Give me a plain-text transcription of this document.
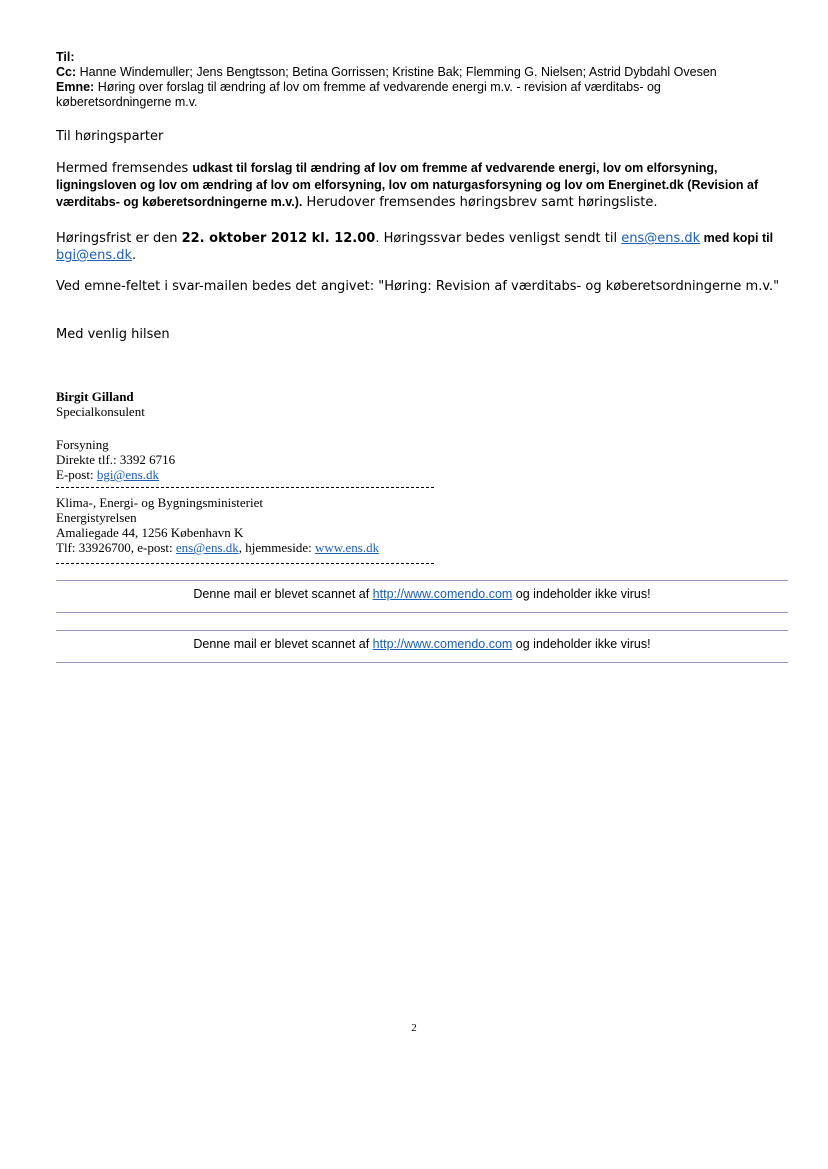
Til:
Cc: Hanne Windemuller; Jens Bengtsson; Betina Gorrissen; Kristine Bak; Flemming G. Nielsen; Astrid Dybdahl Ovesen
Emne: Høring over forslag til ændring af lov om fremme af vedvarende energi m.v. - revision af værditabs- og
køberetsordningerne m.v.
Til høringsparter
Hermed fremsendes udkast til forslag til ændring af lov om fremme af vedvarende energi, lov om elforsyning, ligningsloven og lov om ændring af lov om elforsyning, lov om naturgasforsyning og lov om Energinet.dk (Revision af værditabs- og køberetsordningerne m.v.). Herudover fremsendes høringsbrev samt høringsliste.
Høringsfrist er den 22. oktober 2012 kl. 12.00. Høringssvar bedes venligst sendt til ens@ens.dk med kopi til bgi@ens.dk.
Ved emne-feltet i svar-mailen bedes det angivet: "Høring: Revision af værditabs- og køberetsordningerne m.v."
Med venlig hilsen
Birgit Gilland
Specialkonsulent
Forsyning
Direkte tlf.: 3392 6716
E-post: bgi@ens.dk
Klima-, Energi- og Bygningsministeriet
Energistyrelsen
Amaliegade 44, 1256 København K
Tlf: 33926700, e-post: ens@ens.dk, hjemmeside: www.ens.dk
Denne mail er blevet scannet af http://www.comendo.com og indeholder ikke virus!
Denne mail er blevet scannet af http://www.comendo.com og indeholder ikke virus!
2
